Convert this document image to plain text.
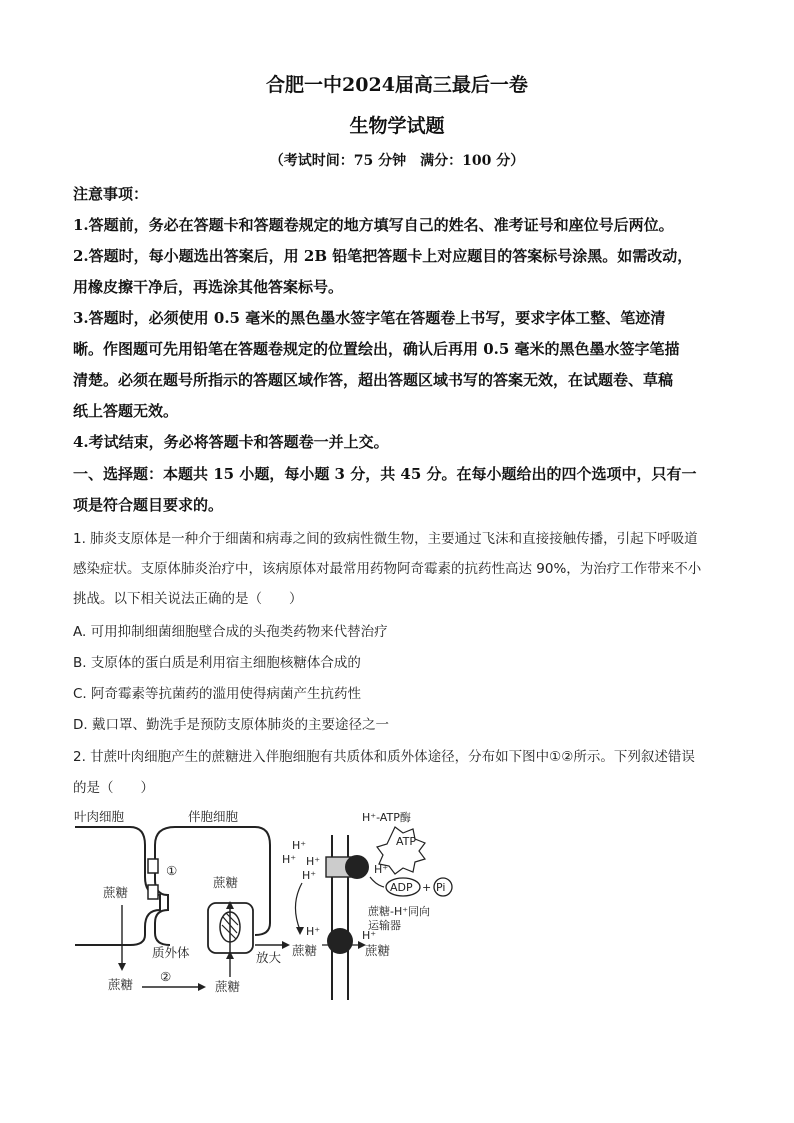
合肥一中2024届高三最后一卷
生物学试题
（考试时间：75 分钟　满分：100 分）
注意事项：
1.答题前，务必在答题卡和答题卷规定的地方填写自己的姓名、准考证号和座位号后两位。
2.答题时，每小题选出答案后，用 2B 铅笔把答题卡上对应题目的答案标号涂黑。如需改动，
用橡皮擦干净后，再选涂其他答案标号。
3.答题时，必须使用 0.5 毫米的黑色墨水签字笔在答题卷上书写，要求字体工整、笔迹清
晰。作图题可先用铅笔在答题卷规定的位置绘出，确认后再用 0.5 毫米的黑色墨水签字笔描
清楚。必须在题号所指示的答题区域作答，超出答题区域书写的答案无效，在试题卷、草稿
纸上答题无效。
4.考试结束，务必将答题卡和答题卷一并上交。
一、选择题：本题共 15 小题，每小题 3 分，共 45 分。在每小题给出的四个选项中，只有一
项是符合题目要求的。
1. 肺炎支原体是一种介于细菌和病毒之间的致病性微生物，主要通过飞沫和直接接触传播，引起下呼吸道
感染症状。支原体肺炎治疗中，该病原体对最常用药物阿奇霉素的抗药性高达 90%，为治疗工作带来不小
挑战。以下相关说法正确的是（　　）
A. 可用抑制细菌细胞壁合成的头孢类药物来代替治疗
B. 支原体的蛋白质是利用宿主细胞核糖体合成的
C. 阿奇霉素等抗菌药的滥用使得病菌产生抗药性
D. 戴口罩、勤洗手是预防支原体肺炎的主要途径之一
2. 甘蔗叶肉细胞产生的蔗糖进入伴胞细胞有共质体和质外体途径，分布如下图中①②所示。下列叙述错误
的是（　　）
①
叶肉细胞	伴胞细胞
蔗糖
蔗糖
质外体
蔗糖
②
蔗糖
放大
H⁺-ATP酶
ATP
H⁺
H⁺ H⁺
H⁺	H⁺
ADP + Pi
蔗糖-H⁺同向
运输器
H⁺
蔗糖
H⁺
蔗糖
